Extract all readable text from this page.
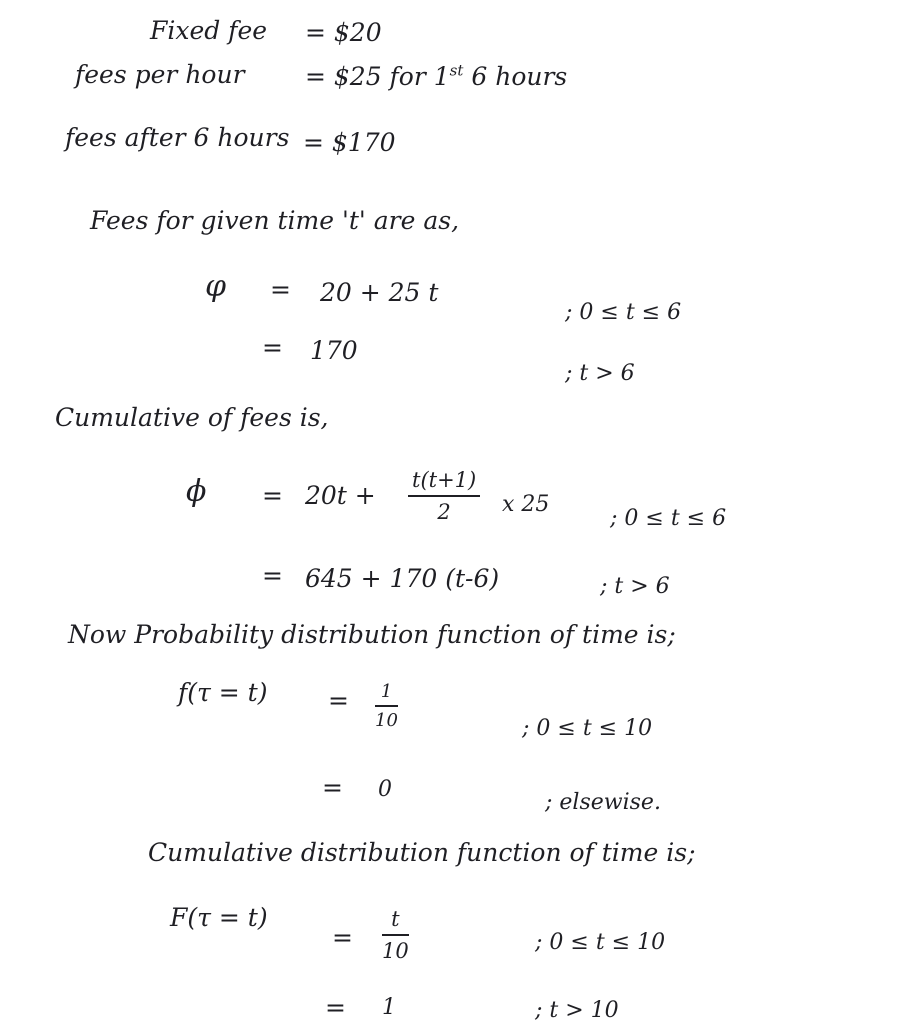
Fixed fee = $20
fees per hour = $25 for 1st 6 hours
fees after 6 hours = $170
Fees for given time 't' are as,
φ = 20 + 25 t
; 0 ≤ t ≤ 6
= 170
; t > 6
Cumulative of fees is,
$\phi = 20t + \frac{t(t+1)}{2}$ x 25
; 0 ≤ t ≤ 6
= 645 + 170 (t-6)	; t > 6
Now Probability distribution function of time is;
$f(\tau = t) = \frac{1}{10}$	; 0 ≤ t ≤ 10
= 0
; elsewise.
Cumulative distribution function of time is;
F(τ = t)
= $\frac{t}{10}$	; 0 ≤ t ≤ 10
= 1	; t > 10
